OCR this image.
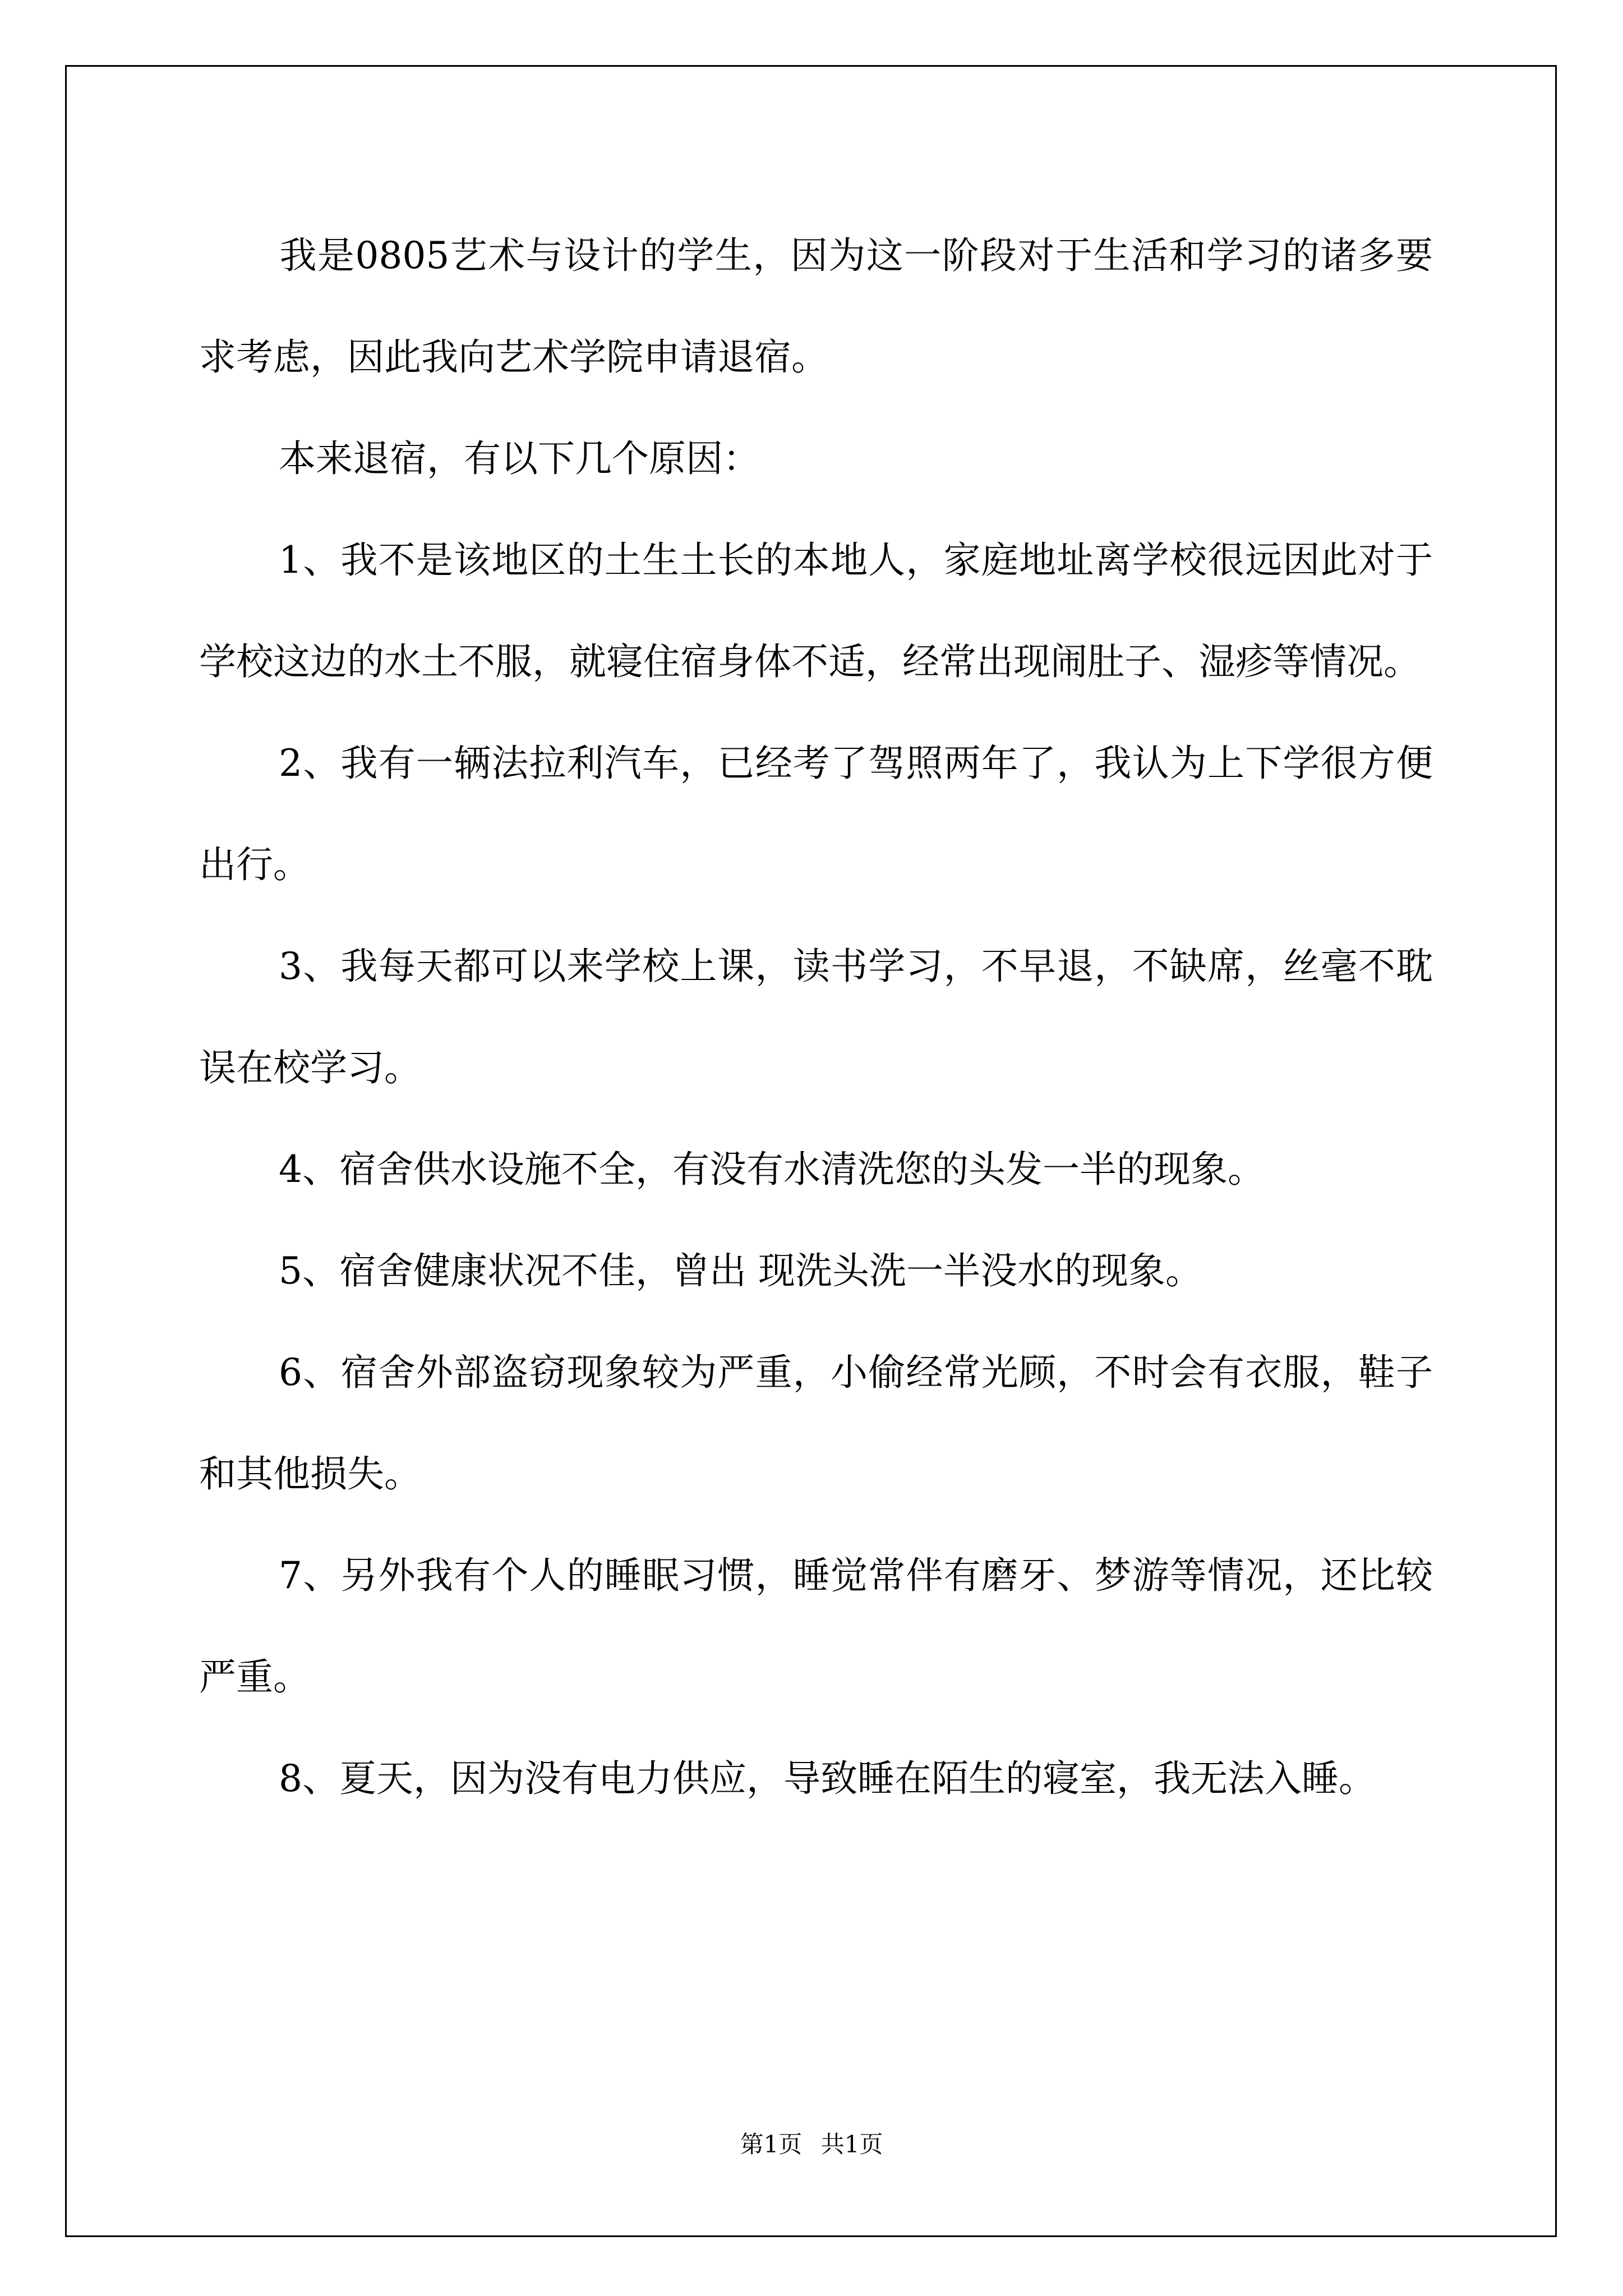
我是0805艺术与设计的学生，因为这一阶段对于生活和学习的诸多要求考虑，因此我向艺术学院申请退宿。

本来退宿，有以下几个原因：

1、我不是该地区的土生土长的本地人，家庭地址离学校很远因此对于学校这边的水土不服，就寝住宿身体不适，经常出现闹肚子、湿疹等情况。

2、我有一辆法拉利汽车，已经考了驾照两年了，我认为上下学很方便出行。

3、我每天都可以来学校上课，读书学习，不早退，不缺席，丝毫不耽误在校学习。

4、宿舍供水设施不全，有没有水清洗您的头发一半的现象。

5、宿舍健康状况不佳，曾出 现洗头洗一半没水的现象。

6、宿舍外部盗窃现象较为严重，小偷经常光顾，不时会有衣服，鞋子和其他损失。

7、另外我有个人的睡眠习惯，睡觉常伴有磨牙、梦游等情况，还比较严重。

8、夏天，因为没有电力供应，导致睡在陌生的寝室，我无法入睡。

第1页 共1页
